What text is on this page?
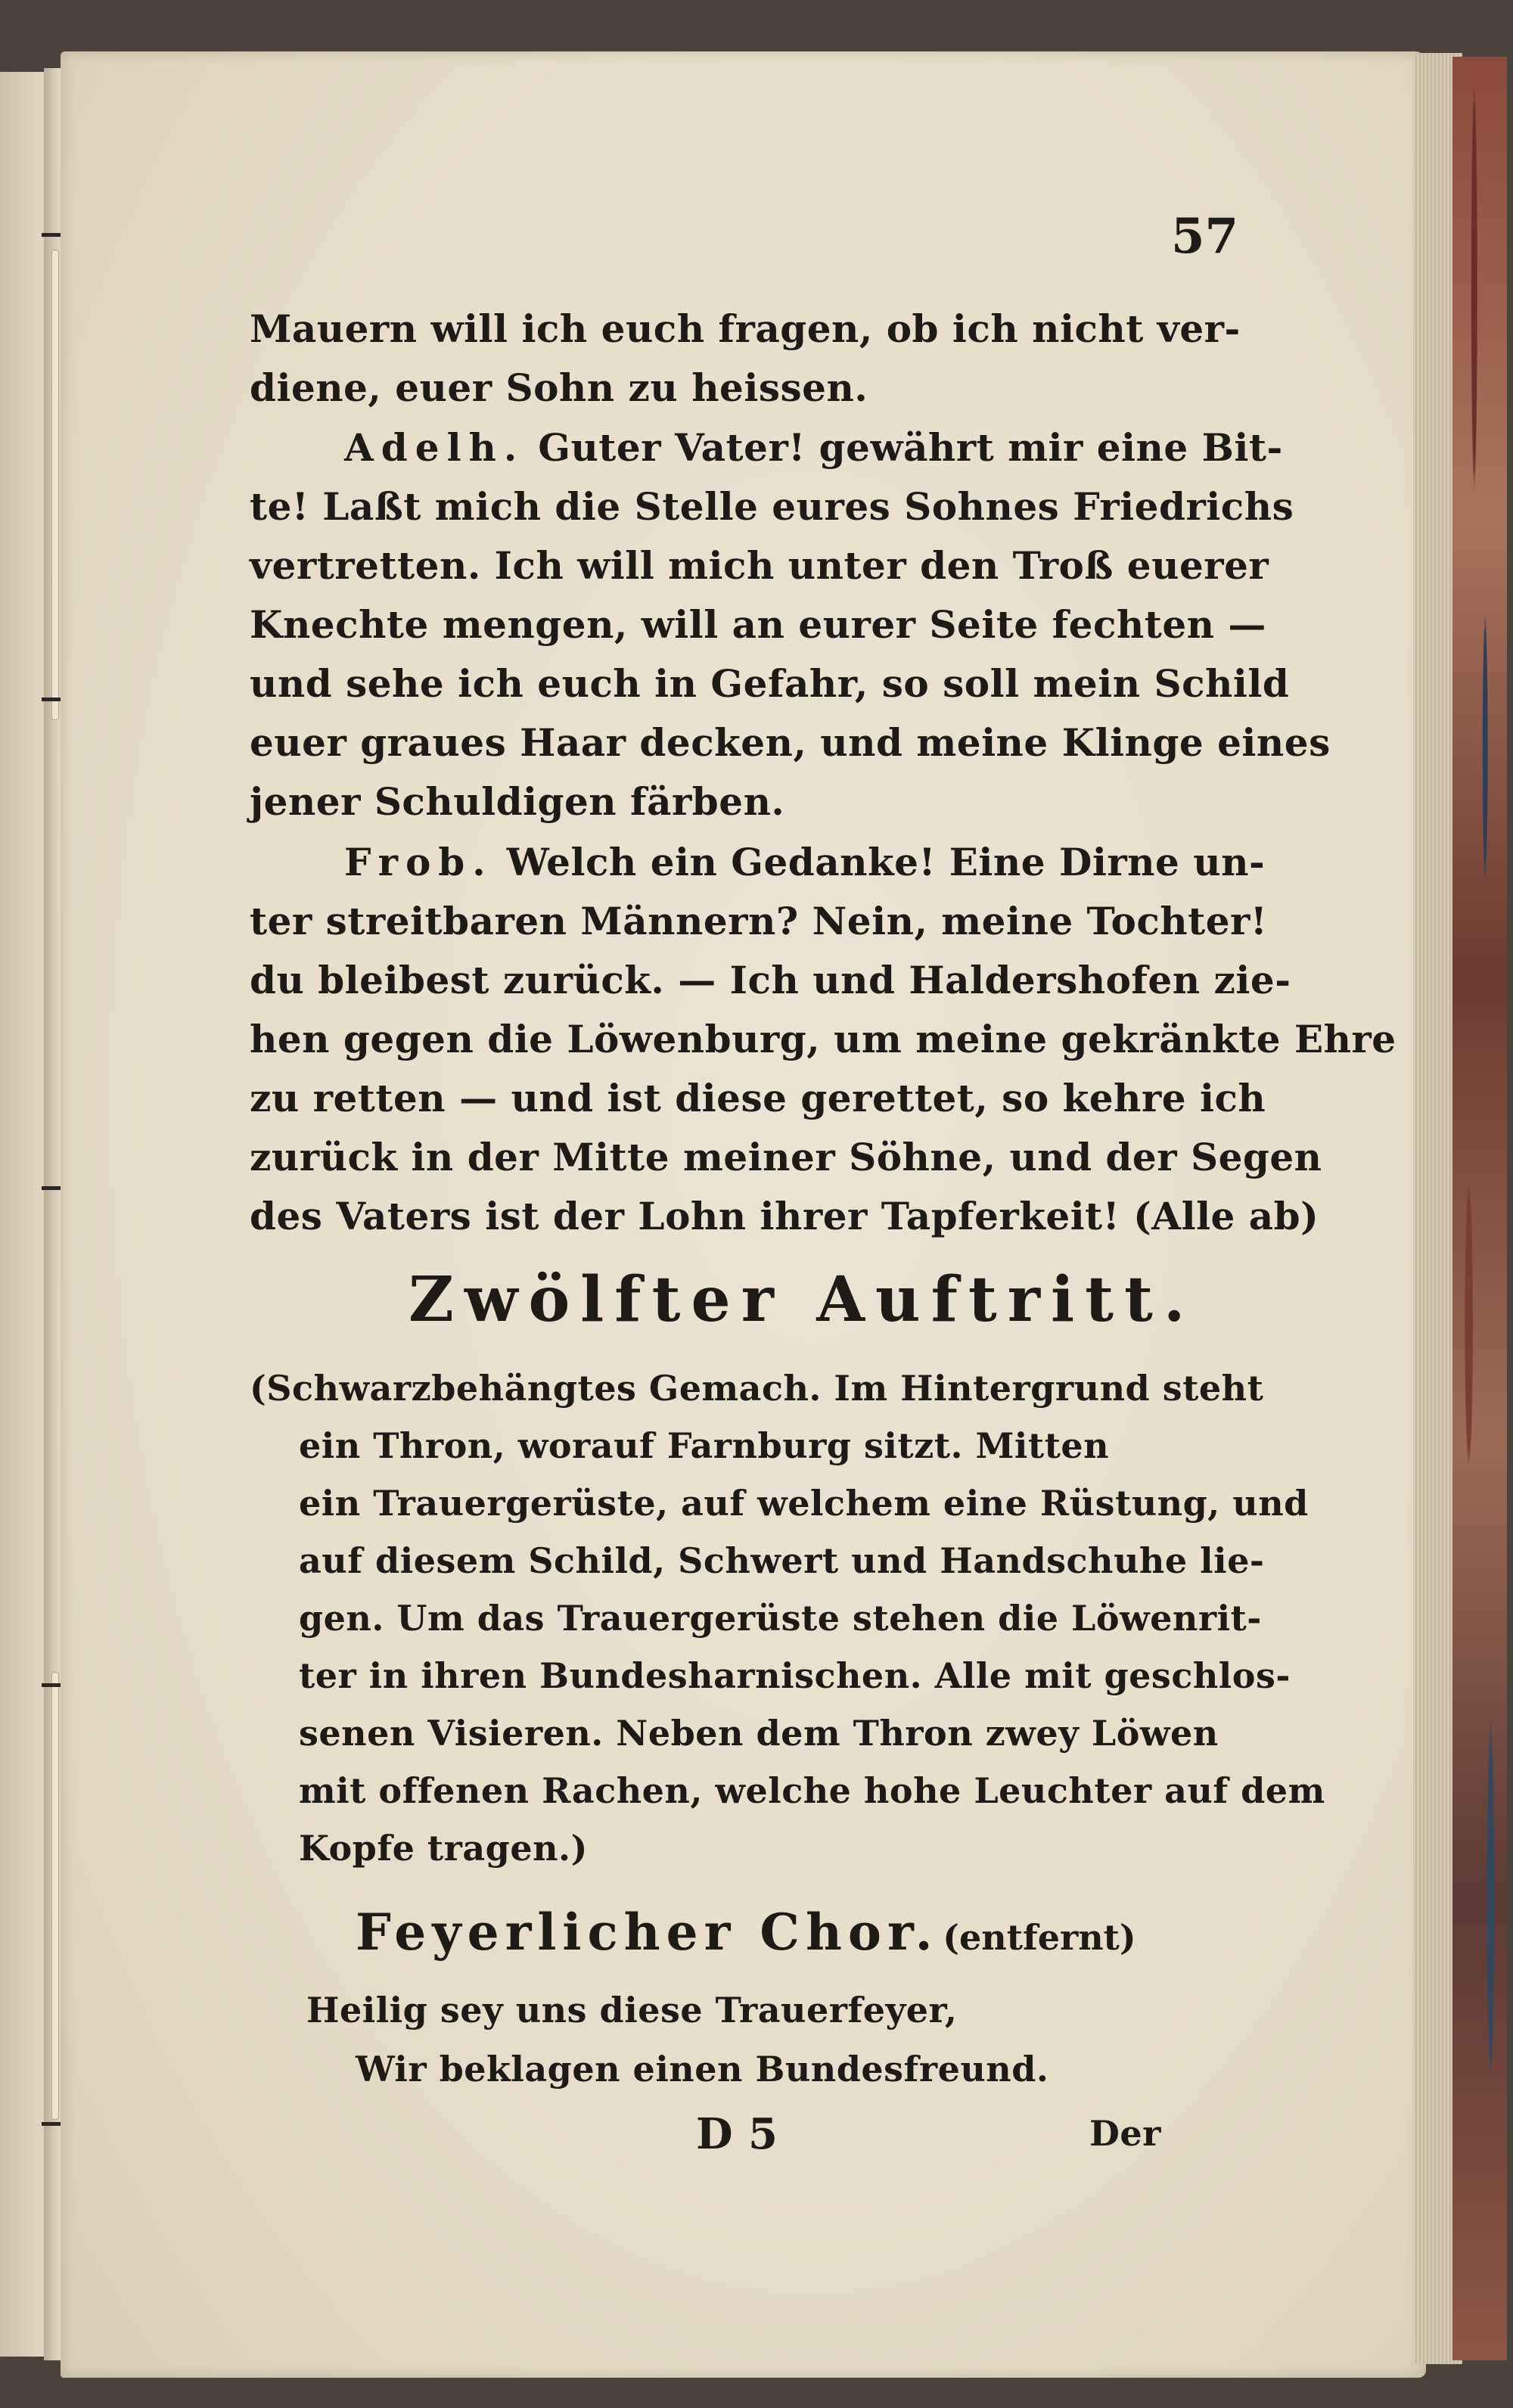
57
Mauern will ich euch fragen, ob ich nicht ver-
diene, euer Sohn zu heissen.
Adelh. Guter Vater! gewährt mir eine Bit-
te! Laßt mich die Stelle eures Sohnes Friedrichs
vertretten. Ich will mich unter den Troß euerer
Knechte mengen, will an eurer Seite fechten —
und sehe ich euch in Gefahr, so soll mein Schild
euer graues Haar decken, und meine Klinge eines
jener Schuldigen färben.
Frob. Welch ein Gedanke! Eine Dirne un-
ter streitbaren Männern? Nein, meine Tochter!
du bleibest zurück. — Ich und Haldershofen zie-
hen gegen die Löwenburg, um meine gekränkte Ehre
zu retten — und ist diese gerettet, so kehre ich
zurück in der Mitte meiner Söhne, und der Segen
des Vaters ist der Lohn ihrer Tapferkeit! (Alle ab)
Zwölfter Auftritt.
(Schwarzbehängtes Gemach. Im Hintergrund steht
ein Thron, worauf Farnburg sitzt. Mitten
ein Trauergerüste, auf welchem eine Rüstung, und
auf diesem Schild, Schwert und Handschuhe lie-
gen. Um das Trauergerüste stehen die Löwenrit-
ter in ihren Bundesharnischen. Alle mit geschlos-
senen Visieren. Neben dem Thron zwey Löwen
mit offenen Rachen, welche hohe Leuchter auf dem
Kopfe tragen.)
Feyerlicher Chor. (entfernt)
Heilig sey uns diese Trauerfeyer,
Wir beklagen einen Bundesfreund.
D 5	Der
